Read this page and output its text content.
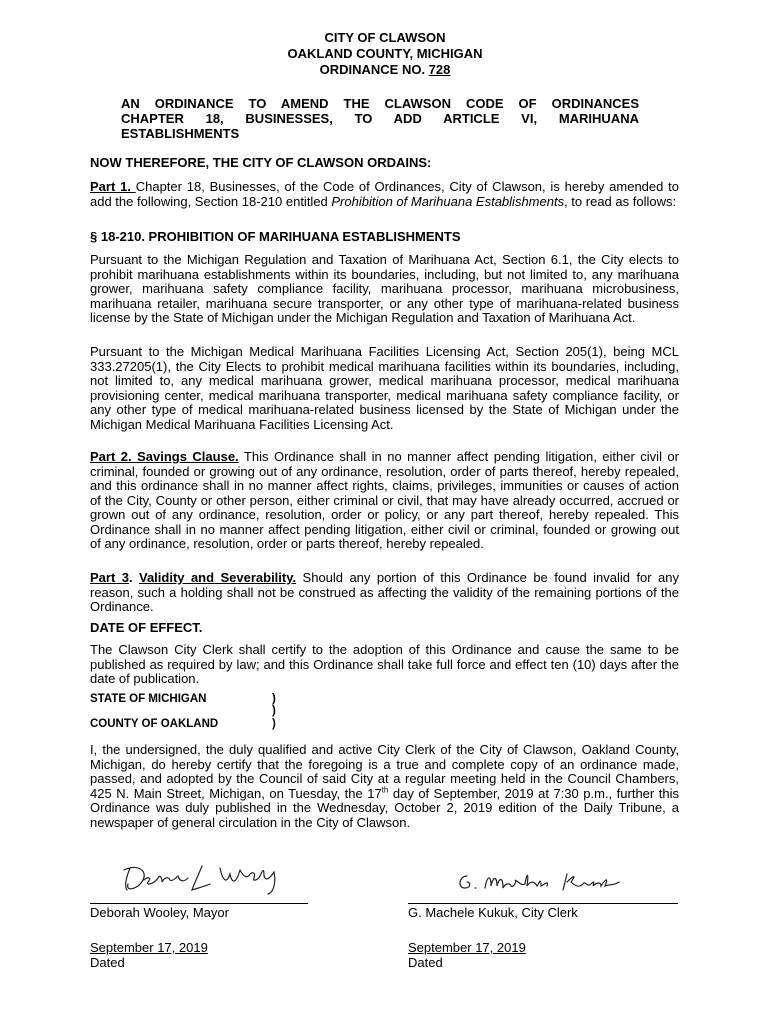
CITY OF CLAWSON
OAKLAND COUNTY, MICHIGAN
ORDINANCE NO. 728
AN ORDINANCE TO AMEND THE CLAWSON CODE OF ORDINANCES
CHAPTER 18, BUSINESSES, TO ADD ARTICLE VI, MARIHUANA
ESTABLISHMENTS
NOW THEREFORE, THE CITY OF CLAWSON ORDAINS:
Part 1. Chapter 18, Businesses, of the Code of Ordinances, City of Clawson, is hereby amended to add the following, Section 18-210 entitled Prohibition of Marihuana Establishments, to read as follows:
§ 18-210. PROHIBITION OF MARIHUANA ESTABLISHMENTS
Pursuant to the Michigan Regulation and Taxation of Marihuana Act, Section 6.1, the City elects to prohibit marihuana establishments within its boundaries, including, but not limited to, any marihuana grower, marihuana safety compliance facility, marihuana processor, marihuana microbusiness, marihuana retailer, marihuana secure transporter, or any other type of marihuana-related business license by the State of Michigan under the Michigan Regulation and Taxation of Marihuana Act.
Pursuant to the Michigan Medical Marihuana Facilities Licensing Act, Section 205(1), being MCL 333.27205(1), the City Elects to prohibit medical marihuana facilities within its boundaries, including, not limited to, any medical marihuana grower, medical marihuana processor, medical marihuana provisioning center, medical marihuana transporter, medical marihuana safety compliance facility, or any other type of medical marihuana-related business licensed by the State of Michigan under the Michigan Medical Marihuana Facilities Licensing Act.
Part 2. Savings Clause. This Ordinance shall in no manner affect pending litigation, either civil or criminal, founded or growing out of any ordinance, resolution, order of parts thereof, hereby repealed, and this ordinance shall in no manner affect rights, claims, privileges, immunities or causes of action of the City, County or other person, either criminal or civil, that may have already occurred, accrued or grown out of any ordinance, resolution, order or policy, or any part thereof, hereby repealed. This Ordinance shall in no manner affect pending litigation, either civil or criminal, founded or growing out of any ordinance, resolution, order or parts thereof, hereby repealed.
Part 3. Validity and Severability. Should any portion of this Ordinance be found invalid for any reason, such a holding shall not be construed as affecting the validity of the remaining portions of the Ordinance.
DATE OF EFFECT.
The Clawson City Clerk shall certify to the adoption of this Ordinance and cause the same to be published as required by law; and this Ordinance shall take full force and effect ten (10) days after the date of publication.
STATE OF MICHIGAN	)
)
COUNTY OF OAKLAND	)
I, the undersigned, the duly qualified and active City Clerk of the City of Clawson, Oakland County, Michigan, do hereby certify that the foregoing is a true and complete copy of an ordinance made, passed, and adopted by the Council of said City at a regular meeting held in the Council Chambers, 425 N. Main Street, Michigan, on Tuesday, the 17th day of September, 2019 at 7:30 p.m., further this Ordinance was duly published in the Wednesday, October 2, 2019 edition of the Daily Tribune, a newspaper of general circulation in the City of Clawson.
Deborah Wooley, Mayor
September 17, 2019
Dated
G. Machele Kukuk, City Clerk
September 17, 2019
Dated
